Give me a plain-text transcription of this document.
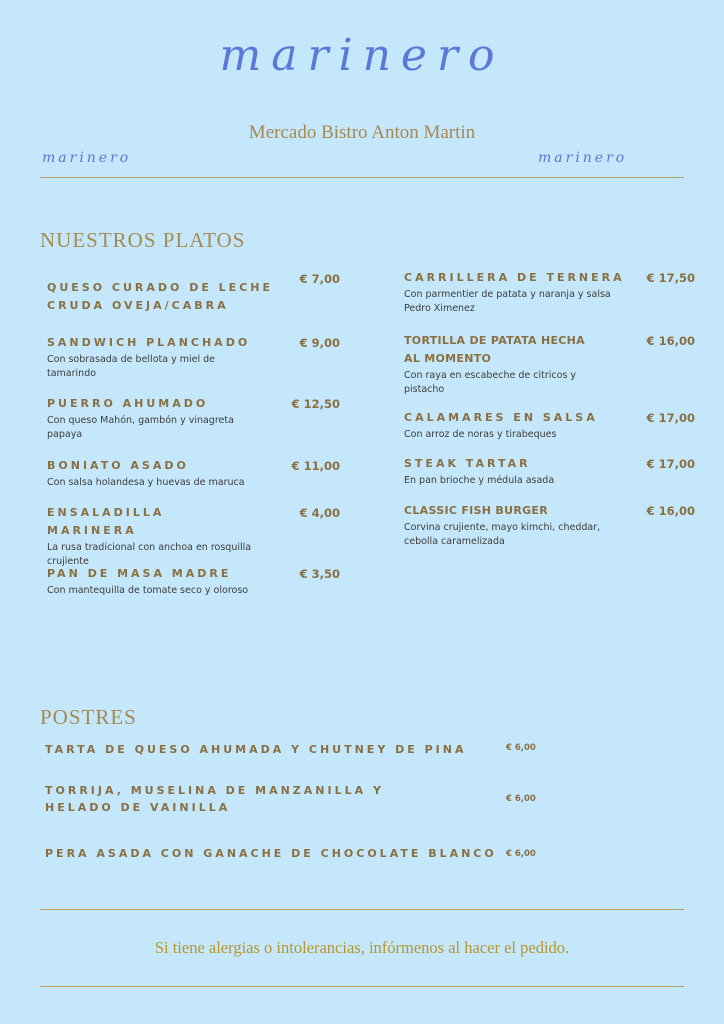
marinero
Mercado Bistro Anton Martin
marinero	marinero
NUESTROS PLATOS
QUESO CURADO DE LECHE CRUDA OVEJA/CABRA
€ 7,00
SANDWICH PLANCHADO
Con sobrasada de bellota y miel de tamarindo
€ 9,00
PUERRO AHUMADO
Con queso Mahón, gambón y vinagreta papaya
€ 12,50
BONIATO ASADO
Con salsa holandesa y huevas de maruca
€ 11,00
ENSALADILLA MARINERA
La rusa tradicional con anchoa en rosquilla crujiente
€ 4,00
PAN DE MASA MADRE
Con mantequilla de tomate seco y oloroso
€ 3,50
CARRILLERA DE TERNERA
Con parmentier de patata y naranja y salsa Pedro Ximenez
€ 17,50
TORTILLA DE PATATA HECHA AL MOMENTO
Con raya en escabeche de citricos y pistacho
€ 16,00
CALAMARES EN SALSA
Con arroz de noras y tirabeques
€ 17,00
STEAK TARTAR
En pan brioche y médula asada
€ 17,00
CLASSIC FISH BURGER
Corvina crujiente, mayo kimchi, cheddar, cebolla caramelizada
€ 16,00
POSTRES
TARTA DE QUESO AHUMADA Y CHUTNEY DE PINA	€ 6,00
TORRIJA, MUSELINA DE MANZANILLA Y HELADO DE VAINILLA
€ 6,00
PERA ASADA CON GANACHE DE CHOCOLATE BLANCO	€ 6,00
Si tiene alergias o intolerancias, infórmenos al hacer el pedido.
